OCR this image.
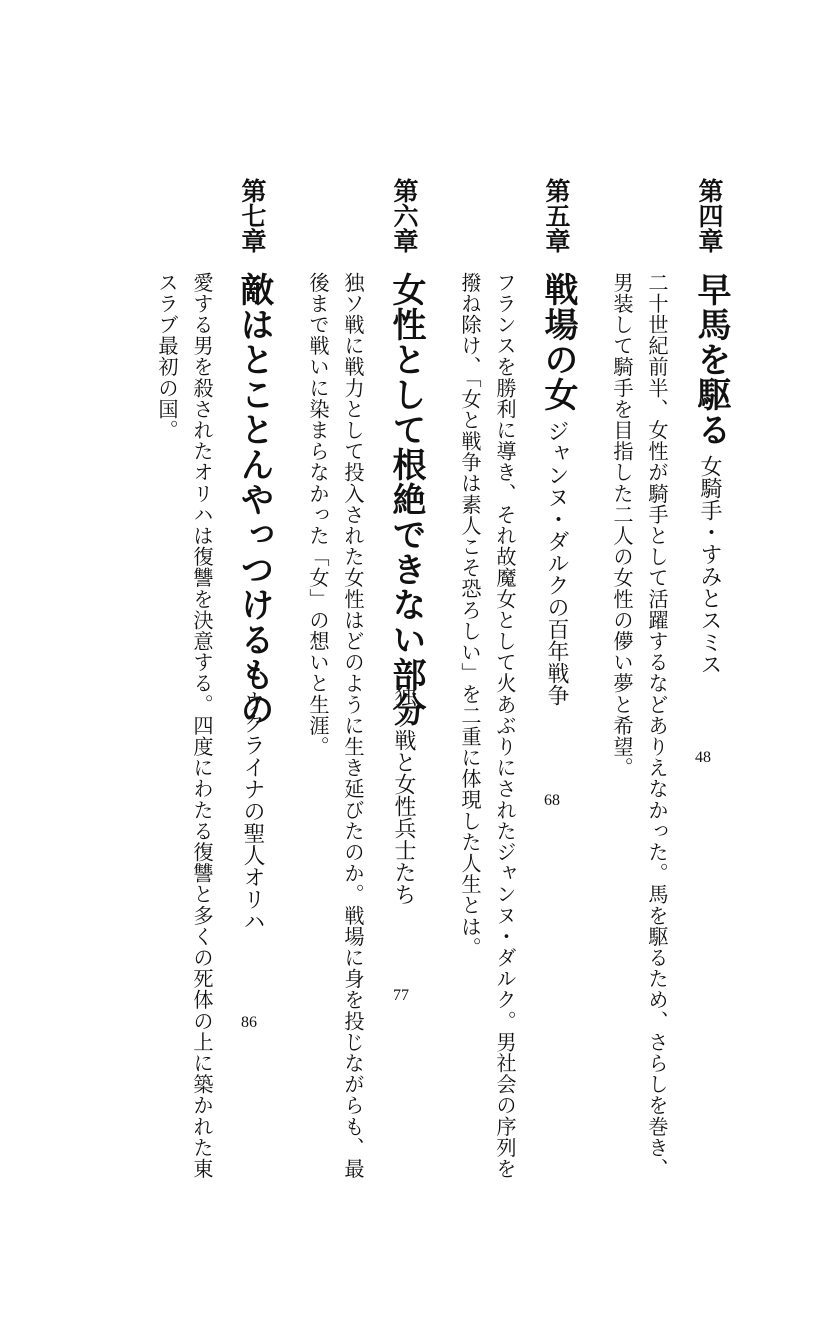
第四章
早馬を駆る
女騎手・すみとスミス
48
二十世紀前半、女性が騎手として活躍するなどありえなかった。馬を駆るため、さらしを巻き、男装して騎手を目指した二人の女性の儚い夢と希望。
第五章
戦場の女
ジャンヌ・ダルクの百年戦争
68
フランスを勝利に導き、それ故魔女として火あぶりにされたジャンヌ・ダルク。男社会の序列を撥ね除け、「女と戦争は素人こそ恐ろしい」を二重に体現した人生とは。
第六章
女性として根絶できない部分
独ソ戦と女性兵士たち
77
独ソ戦に戦力として投入された女性はどのように生き延びたのか。戦場に身を投じながらも、最後まで戦いに染まらなかった「女」の想いと生涯。
第七章
敵はとことんやっつけるもの
ウクライナの聖人オリハ
86
愛する男を殺されたオリハは復讐を決意する。四度にわたる復讐と多くの死体の上に築かれた東スラブ最初の国。
